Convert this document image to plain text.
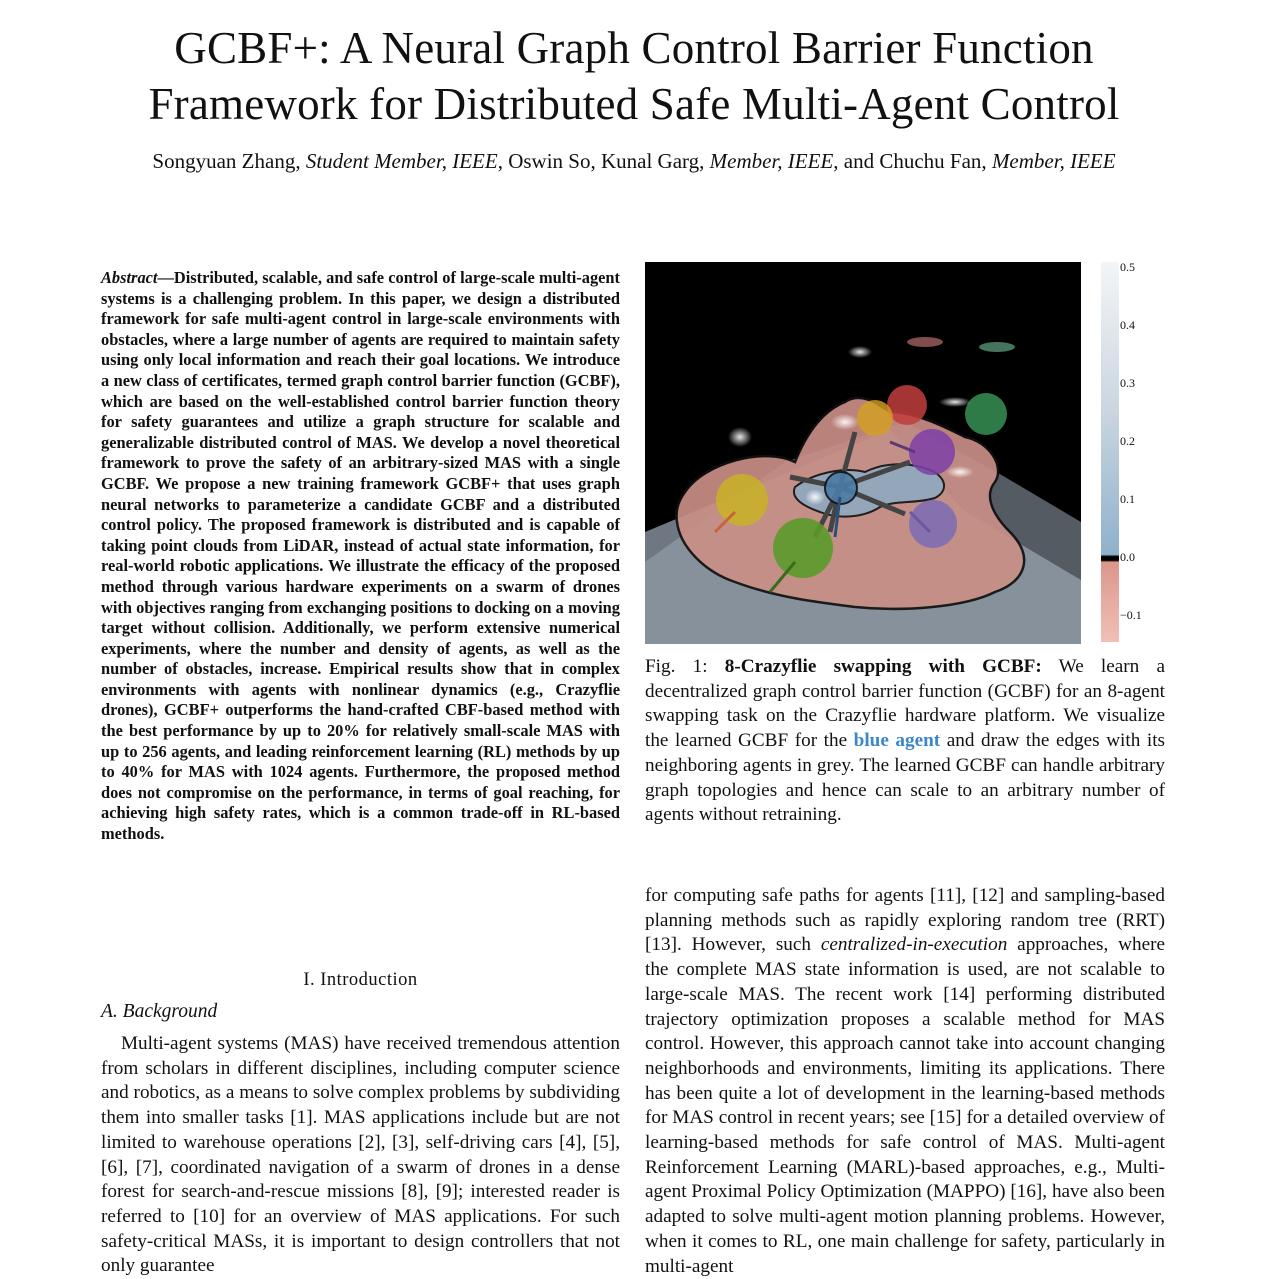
GCBF+: A Neural Graph Control Barrier Function
Framework for Distributed Safe Multi-Agent Control
Songyuan Zhang, Student Member, IEEE, Oswin So, Kunal Garg, Member, IEEE, and Chuchu Fan, Member, IEEE
Abstract—Distributed, scalable, and safe control of large-scale multi-agent systems is a challenging problem. In this paper, we design a distributed framework for safe multi-agent control in large-scale environments with obstacles, where a large number of agents are required to maintain safety using only local information and reach their goal locations. We introduce a new class of certificates, termed graph control barrier function (GCBF), which are based on the well-established control barrier function theory for safety guarantees and utilize a graph structure for scalable and generalizable distributed control of MAS. We develop a novel theoretical framework to prove the safety of an arbitrary-sized MAS with a single GCBF. We propose a new training framework GCBF+ that uses graph neural networks to parameterize a candidate GCBF and a distributed control policy. The proposed framework is distributed and is capable of taking point clouds from LiDAR, instead of actual state information, for real-world robotic applications. We illustrate the efficacy of the proposed method through various hardware experiments on a swarm of drones with objectives ranging from exchanging positions to docking on a moving target without collision. Additionally, we perform extensive numerical experiments, where the number and density of agents, as well as the number of obstacles, increase. Empirical results show that in complex environments with agents with nonlinear dynamics (e.g., Crazyflie drones), GCBF+ outperforms the hand-crafted CBF-based method with the best performance by up to 20% for relatively small-scale MAS with up to 256 agents, and leading reinforcement learning (RL) methods by up to 40% for MAS with 1024 agents. Furthermore, the proposed method does not compromise on the performance, in terms of goal reaching, for achieving high safety rates, which is a common trade-off in RL-based methods.
I. Introduction
A. Background
Multi-agent systems (MAS) have received tremendous attention from scholars in different disciplines, including computer science and robotics, as a means to solve complex problems by subdividing them into smaller tasks [1]. MAS applications include but are not limited to warehouse operations [2], [3], self-driving cars [4], [5], [6], [7], coordinated navigation of a swarm of drones in a dense forest for search-and-rescue missions [8], [9]; interested reader is referred to [10] for an overview of MAS applications. For such safety-critical MASs, it is important to design controllers that not only guarantee
0.5
0.4
0.3
0.2
0.1
0.0
−0.1
Fig. 1: 8-Crazyflie swapping with GCBF: We learn a decentralized graph control barrier function (GCBF) for an 8-agent swapping task on the Crazyflie hardware platform. We visualize the learned GCBF for the blue agent and draw the edges with its neighboring agents in grey. The learned GCBF can handle arbitrary graph topologies and hence can scale to an arbitrary number of agents without retraining.
for computing safe paths for agents [11], [12] and sampling-based planning methods such as rapidly exploring random tree (RRT) [13]. However, such centralized-in-execution approaches, where the complete MAS state information is used, are not scalable to large-scale MAS. The recent work [14] performing distributed trajectory optimization proposes a scalable method for MAS control. However, this approach cannot take into account changing neighborhoods and environments, limiting its applications. There has been quite a lot of development in the learning-based methods for MAS control in recent years; see [15] for a detailed overview of learning-based methods for safe control of MAS. Multi-agent Reinforcement Learning (MARL)-based approaches, e.g., Multi-agent Proximal Policy Optimization (MAPPO) [16], have also been adapted to solve multi-agent motion planning problems. However, when it comes to RL, one main challenge for safety, particularly in multi-agent
